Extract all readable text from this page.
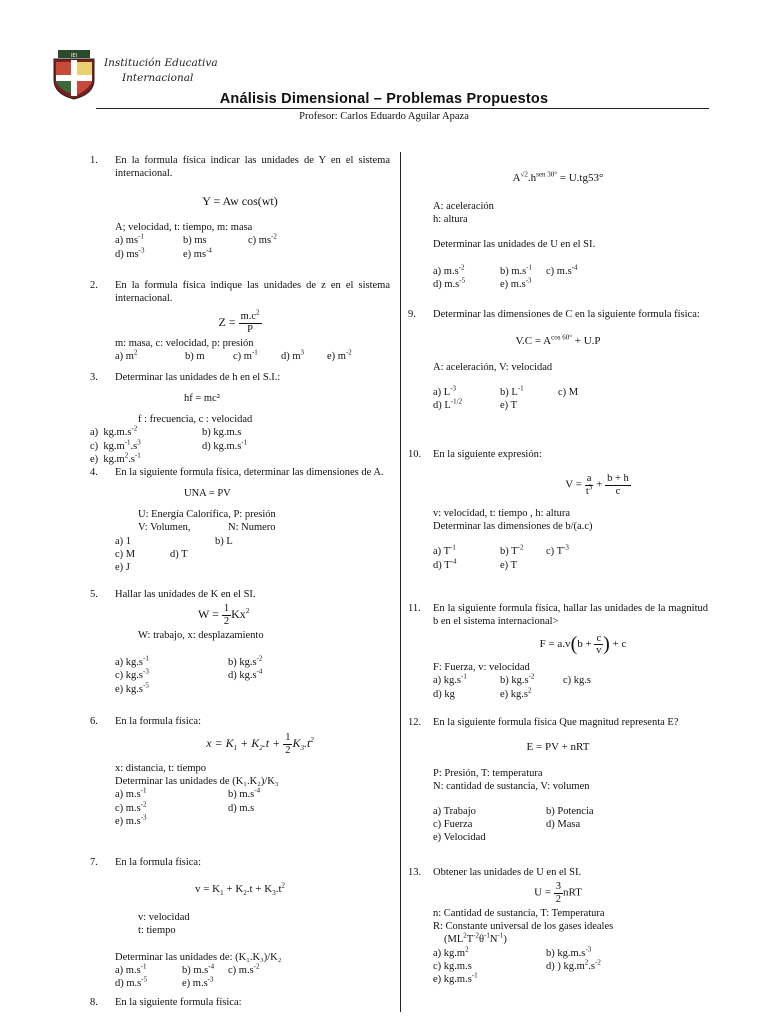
IEI
Institución Educativa
Internacional
Análisis Dimensional – Problemas Propuestos
Profesor: Carlos Eduardo Aguilar Apaza
1.	En la formula física indicar las unidades de Y en el sistema internacional.
Y = Aw cos(wt)
A; velocidad, t: tiempo, m: masa
a) $ms^{-1}$	b) ms	c) $ms^{-2}$
d) $ms^{-3}$	e) $ms^{-4}$
2.	En la formula física indique las unidades de z en el sistema internacional.
$Z = \frac{m.c^2}{P}$
m: masa, c: velocidad, p: presión
a) $m^2$	b) m	c) $m^{-1}$	d) $m^3$	e) $m^{-2}$
3.	Determinar las unidades de h en el S.I.:
hf = mc²
f : frecuencia, c : velocidad
a)  $kg.m.s^{-2}$	b) kg.m.s
c)  $kg.m^{-1}.s^3$	d) $kg.m.s^{-1}$
e)  $kg.m^2.s^{-1}$
4.	En la siguiente formula física, determinar las dimensiones de A.
UNA = PV
U: Energía Calorífica, P: presión
V: Volumen,	N: Numero
a) 1	b) L
c) M	d) T
e) J
5.	Hallar las unidades de K en el SI.
$W = \frac{1}{2} Kx^2$
W: trabajo, x: desplazamiento
a) $kg.s^{-1}$	b) $kg.s^{-2}$
c) $kg.s^{-3}$	d) $kg.s^{-4}$
e) $kg.s^{-5}$
6.	En la formula física:
$x = K_1 + K_2.t + \frac{1}{2} K_3.t^2$
x: distancia, t: tiempo
Determinar las unidades de (K₁.K₂)/K₃
a) $m.s^{-1}$	b) $m.s^{-4}$
c) $m.s^{-2}$	d) m.s
e) $m.s^{-3}$
7.	En la formula física:
$v = K_1 + K_2.t + K_3.t^2$
v: velocidad
t: tiempo
Determinar las unidades de: (K₁.K₃)/K₂
a) $m.s^{-1}$	b) $m.s^{-4}$	c) $m.s^{-2}$
d) $m.s^{-5}$	e) $m.s^{-3}$
8.	En la siguiente formula física:
$A^{√2}.h^{sen 30^\circ} = U.tg53^\circ$
A: aceleración
h: altura
Determinar las unidades de U en el SI.
a) $m.s^{-2}$	b) $m.s^{-1}$	c) $m.s^{-4}$
d) $m.s^{-5}$	e) $m.s^{-3}$
9.	Determinar las dimensiones de C en la siguiente formula física:
$V.C = A^{cos 60^\circ} + U.P$
A: aceleración, V: velocidad
a) $L^{-3}$	b) $L^{-1}$	c) M
d) $L^{-1/2}$	e) T
10.	En la siguiente expresión:
$V = \frac{a}{t^3} + \frac{b + h}{c}$
v: velocidad, t: tiempo , h: altura
Determinar las dimensiones de b/(a.c)
a) $T^{-1}$	b) $T^{-2}$	c) $T^{-3}$
d) $T^{-4}$	e) T
11.	En la siguiente formula física, hallar las unidades de la magnitud b en el sistema internacional>
$F = a.v(b + \frac{c}{v}$ ) + c
F: Fuerza, v: velocidad
a) $kg.s^{-1}$	b) $kg.s^{-2}$	c) kg.s
d) kg	e) $kg.s^2$
12.	En la siguiente formula física Que magnitud representa E?
E = PV + nRT
P: Presión, T: temperatura
N: cantidad de sustancia, V: volumen
a) Trabajo	b) Potencia
c) Fuerza	d) Masa
e) Velocidad
13.	Obtener las unidades de U en el SI.
$U = \frac{3}{2}$ nRT
n: Cantidad de sustancia, T: Temperatura
R: Constante universal de los gases ideales
$(ML^2T^{-2}\theta^{-1}N^{-1})$
a) $kg.m^2$	b) $kg.m.s^{-3}$
c) kg.m.s	d) ) $kg.m^2.s^{-2}$
e) $kg.m.s^{-1}$
